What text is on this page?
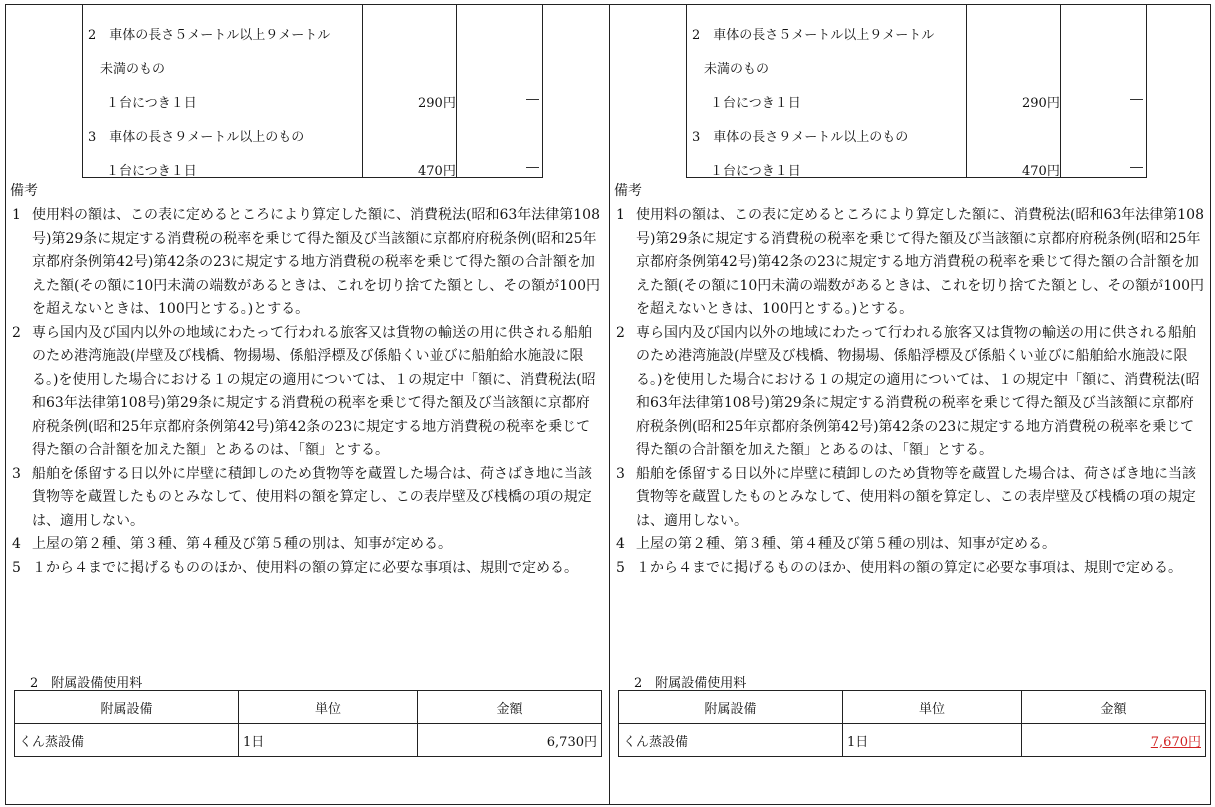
2　車体の長さ５メートル以上９メートル
未満のもの
１台につき１日	290円	―
3　車体の長さ９メートル以上のもの
１台につき１日	470円	―
備考
1 使用料の額は、この表に定めるところにより算定した額に、消費税法(昭和63年法律第108号)第29条に規定する消費税の税率を乗じて得た額及び当該額に京都府府税条例(昭和25年京都府条例第42号)第42条の23に規定する地方消費税の税率を乗じて得た額の合計額を加えた額(その額に10円未満の端数があるときは、これを切り捨てた額とし、その額が100円を超えないときは、100円とする。)とする。
2 専ら国内及び国内以外の地域にわたって行われる旅客又は貨物の輸送の用に供される船舶のため港湾施設(岸壁及び桟橋、物揚場、係船浮標及び係船くい並びに船舶給水施設に限る。)を使用した場合における１の規定の適用については、１の規定中「額に、消費税法(昭和63年法律第108号)第29条に規定する消費税の税率を乗じて得た額及び当該額に京都府府税条例(昭和25年京都府条例第42号)第42条の23に規定する地方消費税の税率を乗じて得た額の合計額を加えた額」とあるのは、「額」とする。
3 船舶を係留する日以外に岸壁に積卸しのため貨物等を蔵置した場合は、荷さばき地に当該貨物等を蔵置したものとみなして、使用料の額を算定し、この表岸壁及び桟橋の項の規定は、適用しない。
4 上屋の第２種、第３種、第４種及び第５種の別は、知事が定める。
5 １から４までに掲げるもののほか、使用料の額の算定に必要な事項は、規則で定める。
2　附属設備使用料
附属設備	単位	金額
くん蒸設備	1日	6,730円
2　車体の長さ５メートル以上９メートル
未満のもの
１台につき１日	290円	―
3　車体の長さ９メートル以上のもの
１台につき１日	470円	―
備考
1 使用料の額は、この表に定めるところにより算定した額に、消費税法(昭和63年法律第108号)第29条に規定する消費税の税率を乗じて得た額及び当該額に京都府府税条例(昭和25年京都府条例第42号)第42条の23に規定する地方消費税の税率を乗じて得た額の合計額を加えた額(その額に10円未満の端数があるときは、これを切り捨てた額とし、その額が100円を超えないときは、100円とする。)とする。
2 専ら国内及び国内以外の地域にわたって行われる旅客又は貨物の輸送の用に供される船舶のため港湾施設(岸壁及び桟橋、物揚場、係船浮標及び係船くい並びに船舶給水施設に限る。)を使用した場合における１の規定の適用については、１の規定中「額に、消費税法(昭和63年法律第108号)第29条に規定する消費税の税率を乗じて得た額及び当該額に京都府府税条例(昭和25年京都府条例第42号)第42条の23に規定する地方消費税の税率を乗じて得た額の合計額を加えた額」とあるのは、「額」とする。
3 船舶を係留する日以外に岸壁に積卸しのため貨物等を蔵置した場合は、荷さばき地に当該貨物等を蔵置したものとみなして、使用料の額を算定し、この表岸壁及び桟橋の項の規定は、適用しない。
4 上屋の第２種、第３種、第４種及び第５種の別は、知事が定める。
5 １から４までに掲げるもののほか、使用料の額の算定に必要な事項は、規則で定める。
2　附属設備使用料
附属設備	単位	金額
くん蒸設備	1日	7,670円
